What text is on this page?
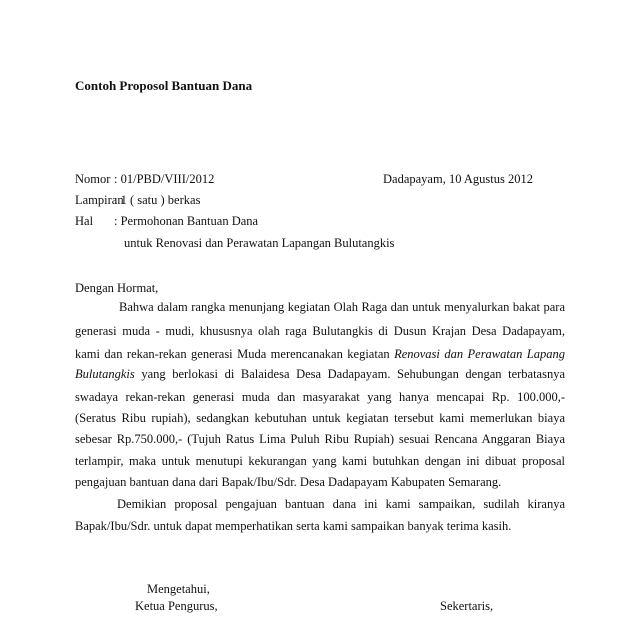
Contoh Proposol Bantuan Dana
Nomor : 01/PBD/VIII/2012	Dadapayam, 10 Agustus 2012
Lampiran
: 1 ( satu ) berkas
Hal : Permohonan Bantuan Dana
untuk Renovasi dan Perawatan Lapangan Bulutangkis
Dengan Hormat,
Bahwa dalam rangka menunjang kegiatan Olah Raga dan untuk menyalurkan bakat para
generasi muda - mudi, khususnya olah raga Bulutangkis di Dusun Krajan Desa Dadapayam,
kami dan rekan-rekan generasi Muda merencanakan kegiatan Renovasi dan Perawatan Lapang
Bulutangkis yang berlokasi di Balaidesa Desa Dadapayam. Sehubungan dengan terbatasnya
swadaya rekan-rekan generasi muda dan masyarakat yang hanya mencapai Rp. 100.000,-
(Seratus Ribu rupiah), sedangkan kebutuhan untuk kegiatan tersebut kami memerlukan biaya
sebesar Rp.750.000,- (Tujuh Ratus Lima Puluh Ribu Rupiah) sesuai Rencana Anggaran Biaya
terlampir, maka untuk menutupi kekurangan yang kami butuhkan dengan ini dibuat proposal
pengajuan bantuan dana dari Bapak/Ibu/Sdr. Desa Dadapayam Kabupaten Semarang.
Demikian proposal pengajuan bantuan dana ini kami sampaikan, sudilah kiranya
Bapak/Ibu/Sdr. untuk dapat memperhatikan serta kami sampaikan banyak terima kasih.
Mengetahui,
Ketua Pengurus,	Sekertaris,
